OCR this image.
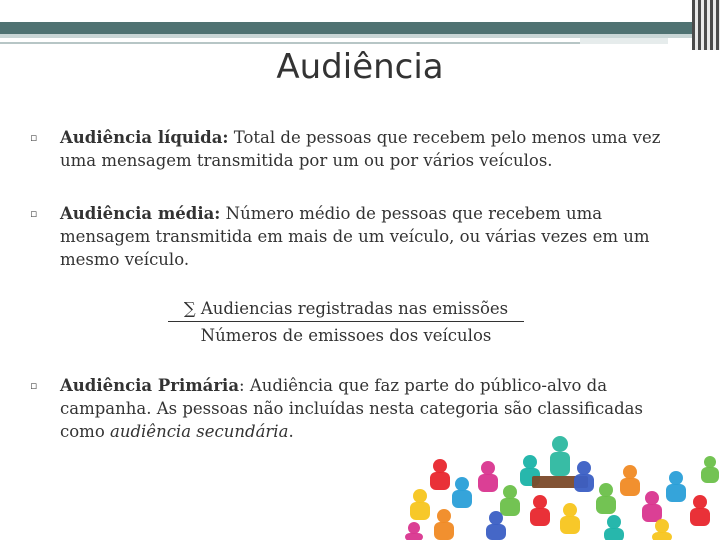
Audiência
▫ Audiência líquida: Total de pessoas que recebem pelo menos uma vez uma mensagem transmitida por um ou por vários veículos.
▫ Audiência média: Número médio de pessoas que recebem uma mensagem transmitida em mais de um veículo, ou várias vezes em um mesmo veículo.
∑ Audiencias registradas nas emissões
Números de emissoes dos veículos
▫ Audiência Primária: Audiência que faz parte do público-alvo da campanha. As pessoas não incluídas nesta categoria são classificadas como audiência secundária.
